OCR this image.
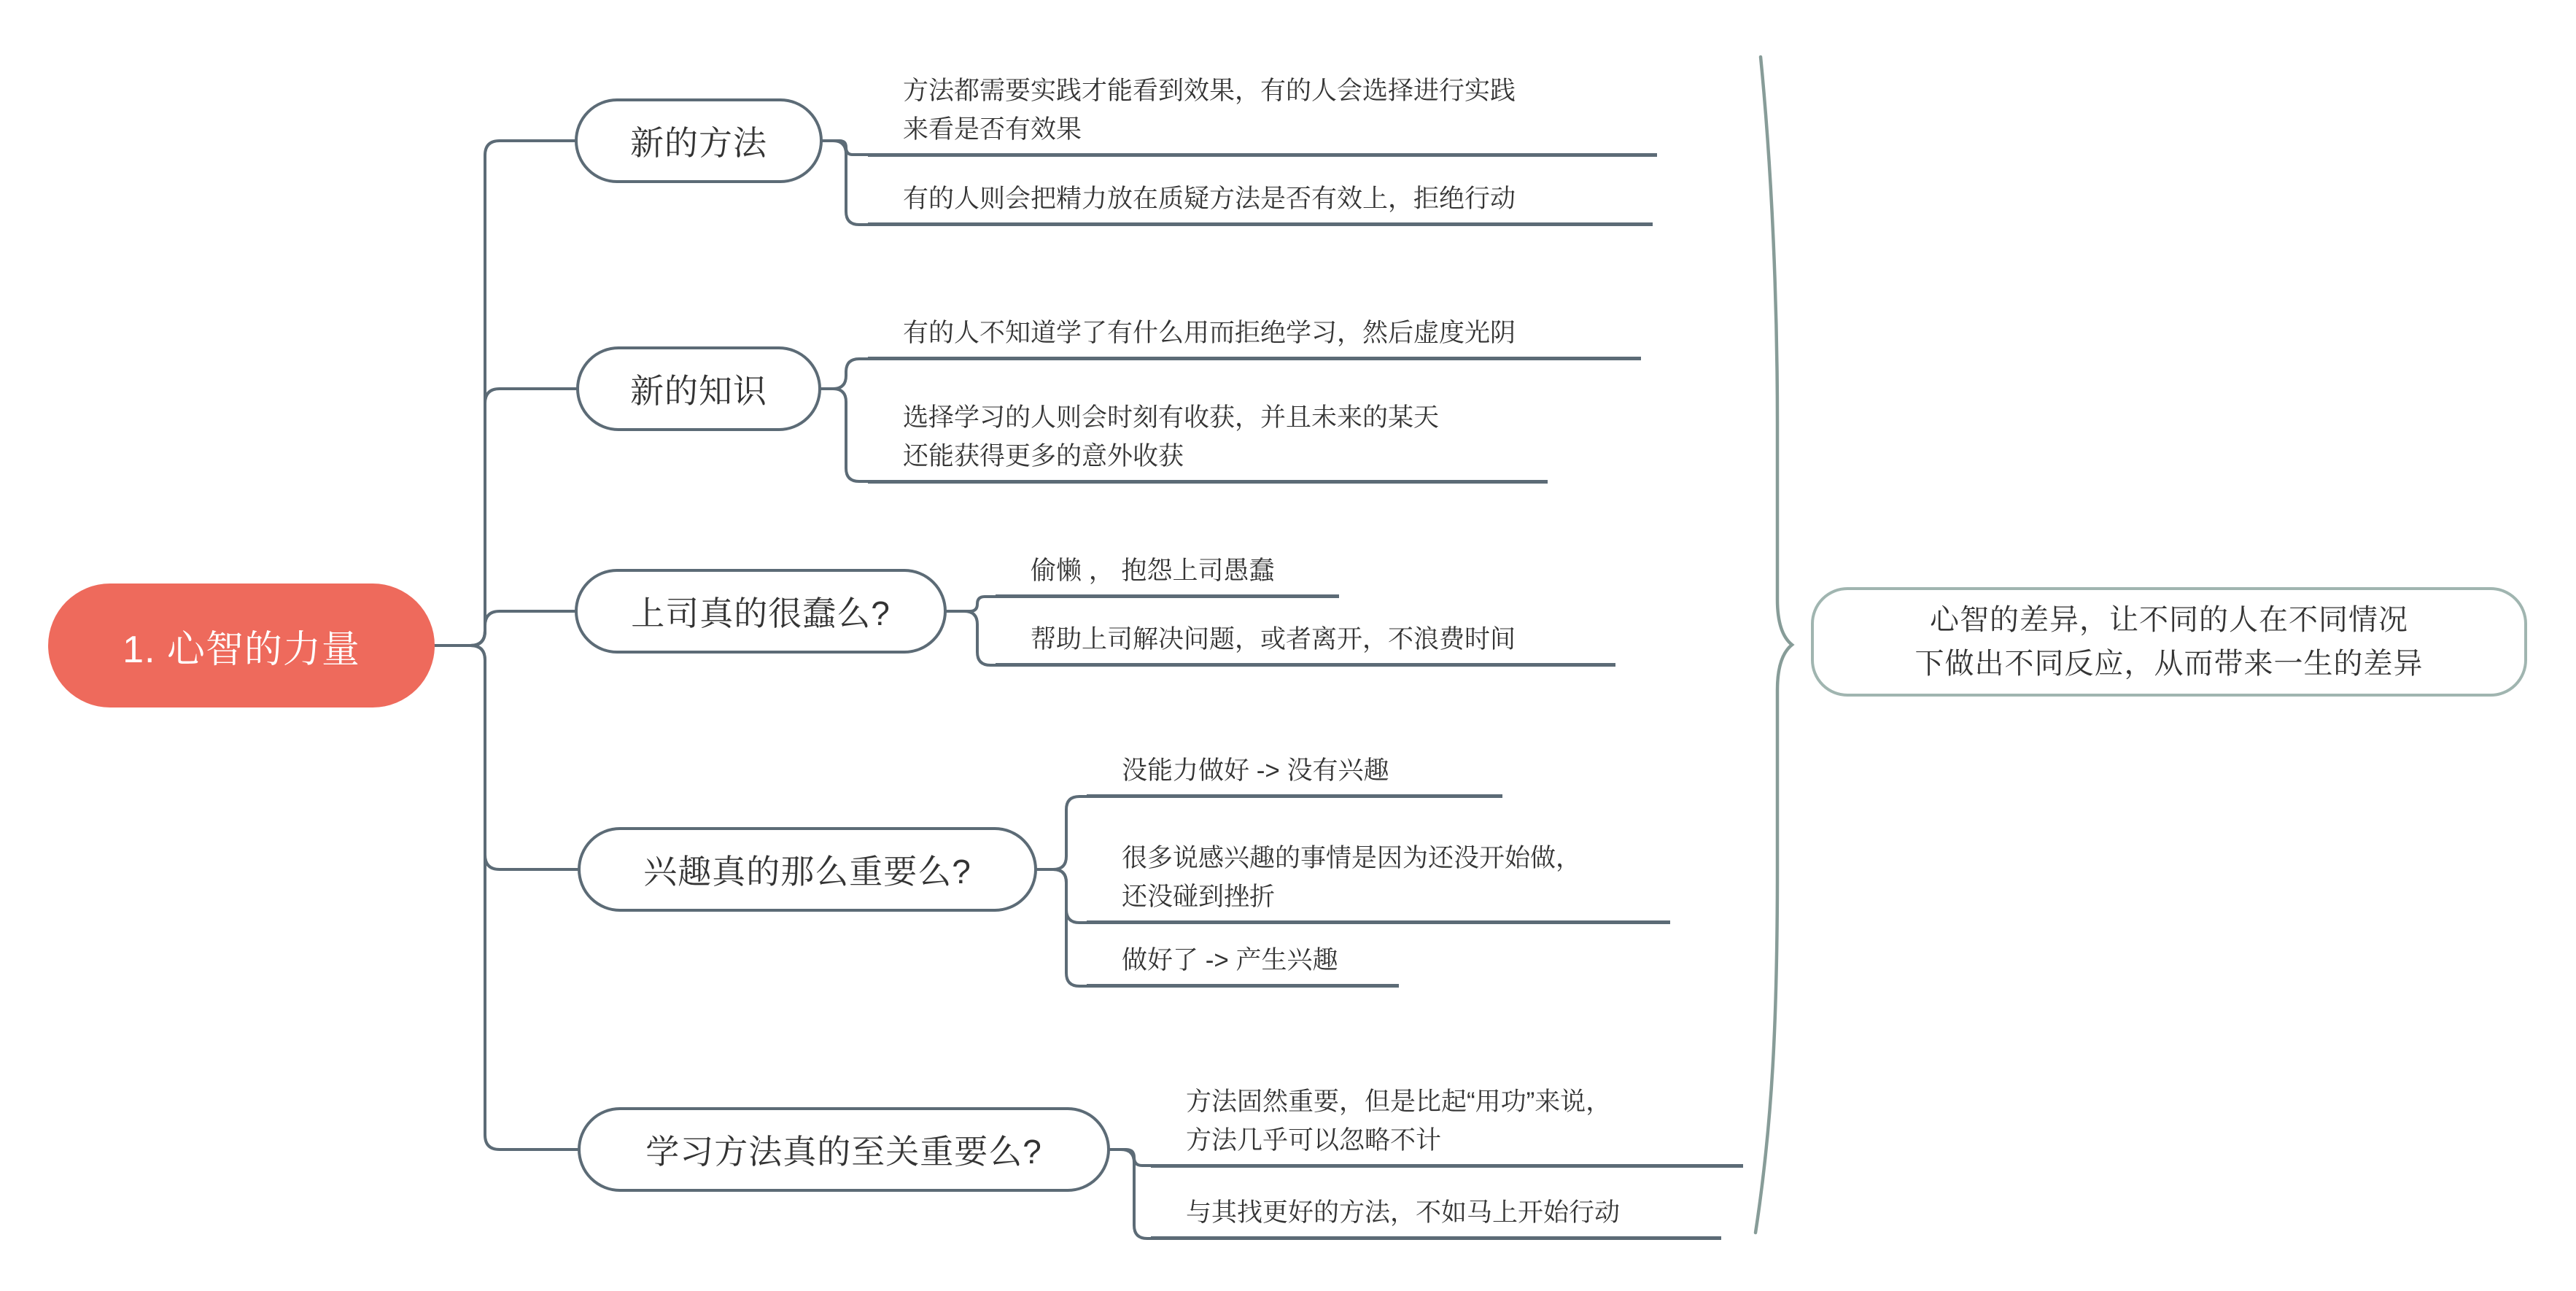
1. 心智的力量
新的方法
新的知识
上司真的很蠢么?
兴趣真的那么重要么?
学习方法真的至关重要么?
方法都需要实践才能看到效果，有的人会选择进行实践
来看是否有效果
有的人则会把精力放在质疑方法是否有效上，拒绝行动
有的人不知道学了有什么用而拒绝学习，然后虚度光阴
选择学习的人则会时刻有收获，并且未来的某天
还能获得更多的意外收获
偷懒 ， 抱怨上司愚蠢
帮助上司解决问题，或者离开，不浪费时间
没能力做好 -> 没有兴趣
很多说感兴趣的事情是因为还没开始做，
还没碰到挫折
做好了 -> 产生兴趣
方法固然重要，但是比起“用功”来说，
方法几乎可以忽略不计
与其找更好的方法，不如马上开始行动
心智的差异，让不同的人在不同情况
下做出不同反应，从而带来一生的差异
